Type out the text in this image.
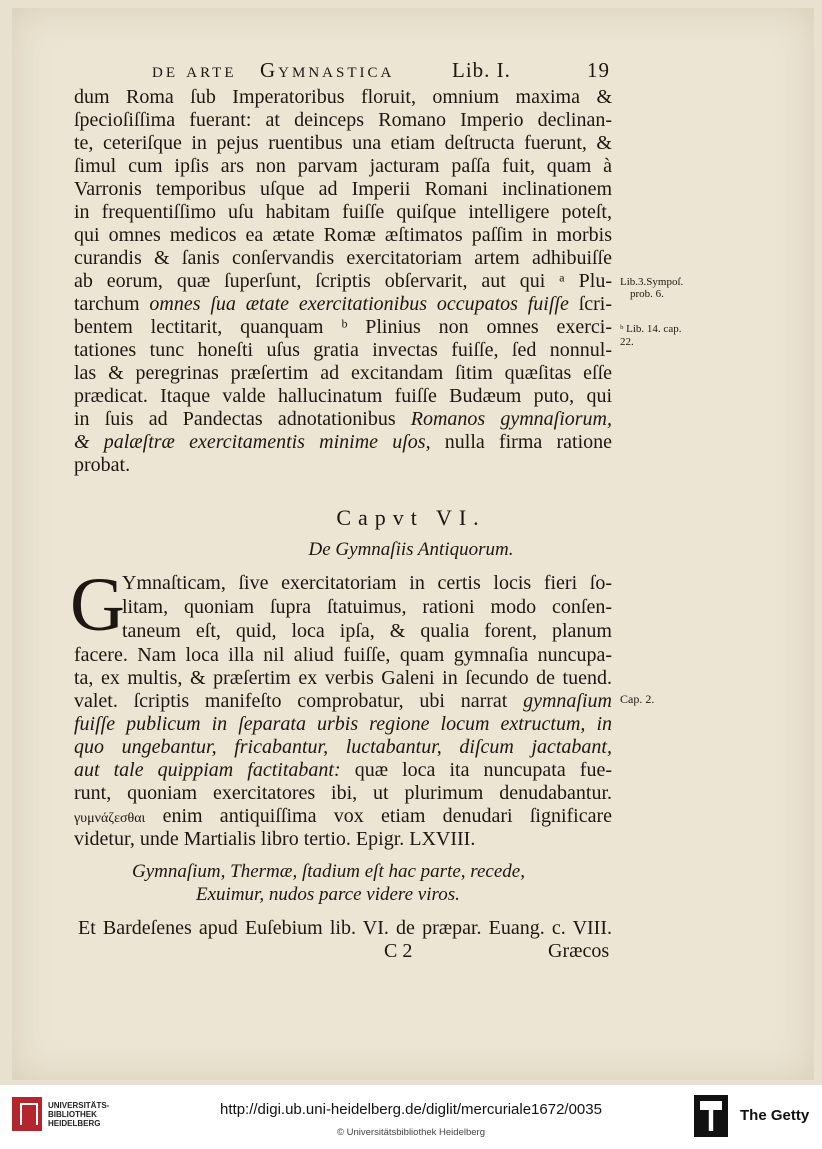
de arte Gymnastica	Lib. I.	19
dum Roma ſub Imperatoribus floruit, omnium maxima &
ſpecioſiſſima fuerant: at deinceps Romano Imperio declinan-
te, ceteriſque in pejus ruentibus una etiam deſtructa fuerunt, &
ſimul cum ipſis ars non parvam jacturam paſſa fuit, quam à
Varronis temporibus uſque ad Imperii Romani inclinationem
in frequentiſſimo uſu habitam fuiſſe quiſque intelligere poteſt,
qui omnes medicos ea ætate Romæ æſtimatos paſſim in morbis
curandis & ſanis conſervandis exercitatoriam artem adhibuiſſe
ab eorum, quæ ſuperſunt, ſcriptis obſervarit, aut qui ᵃ Plu-
tarchum omnes ſua ætate exercitationibus occupatos fuiſſe ſcri-
bentem lectitarit, quanquam ᵇ Plinius non omnes exerci-
tationes tunc honeſti uſus gratia invectas fuiſſe, ſed nonnul-
las & peregrinas præſertim ad excitandam ſitim quæſitas eſſe
prædicat. Itaque valde hallucinatum fuiſſe Budæum puto, qui
in ſuis ad Pandectas adnotationibus Romanos gymnaſiorum,
& palæſtræ exercitamentis minime uſos, nulla firma ratione
probat.
Lib.3.Sympoſ.
prob. 6.
ᵇ Lib. 14. cap.
22.
Capvt VI.
De Gymnaſiis Antiquorum.
G
Ymnaſticam, ſive exercitatoriam in certis locis fieri ſo-
litam, quoniam ſupra ſtatuimus, rationi modo conſen-
taneum eſt, quid, loca ipſa, & qualia forent, planum
facere. Nam loca illa nil aliud fuiſſe, quam gymnaſia nuncupa-
ta, ex multis, & præſertim ex verbis Galeni in ſecundo de tuend.
valet. ſcriptis manifeſto comprobatur, ubi narrat gymnaſium
fuiſſe publicum in ſeparata urbis regione locum extructum, in
quo ungebantur, fricabantur, luctabantur, diſcum jactabant,
aut tale quippiam factitabant: quæ loca ita nuncupata fue-
runt, quoniam exercitatores ibi, ut plurimum denudabantur.
γυμνάζεσθαι enim antiquiſſima vox etiam denudari ſignificare
videtur, unde Martialis libro tertio. Epigr. LXVIII.
Cap. 2.
Gymnaſium, Thermæ, ſtadium eſt hac parte, recede,
Exuimur, nudos parce videre viros.
Et Bardeſenes apud Euſebium lib. VI. de præpar. Euang. c. VIII.
C 2	Græcos
UNIVERSITÄTS-
BIBLIOTHEK
HEIDELBERG
http://digi.ub.uni-heidelberg.de/diglit/mercuriale1672/0035
© Universitätsbibliothek Heidelberg
The Getty
